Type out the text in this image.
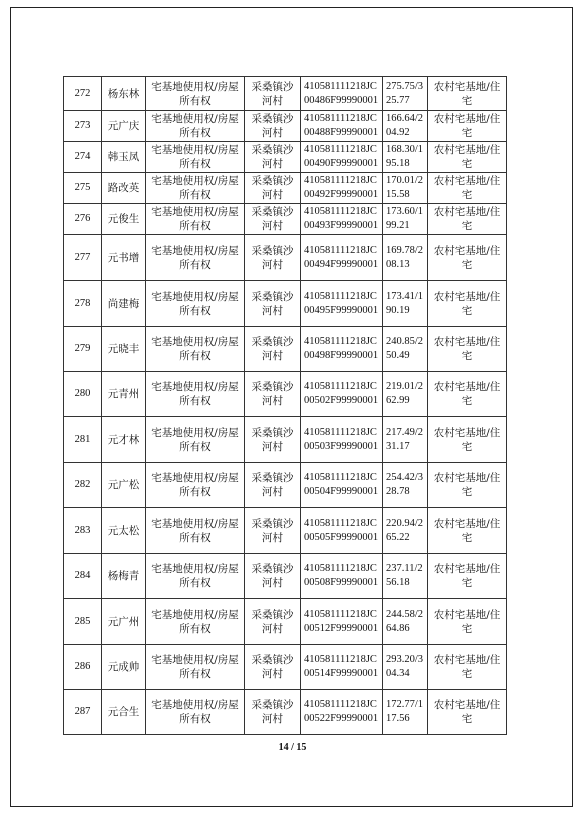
272	杨东林	宅基地使用权/房屋所有权	采桑镇沙河村	410581111218JC00486F99990001	275.75/325.77	农村宅基地/住宅
273	元广庆	宅基地使用权/房屋所有权	采桑镇沙河村	410581111218JC00488F99990001	166.64/204.92	农村宅基地/住宅
274	韩玉凤	宅基地使用权/房屋所有权	采桑镇沙河村	410581111218JC00490F99990001	168.30/195.18	农村宅基地/住宅
275	路改英	宅基地使用权/房屋所有权	采桑镇沙河村	410581111218JC00492F99990001	170.01/215.58	农村宅基地/住宅
276	元俊生	宅基地使用权/房屋所有权	采桑镇沙河村	410581111218JC00493F99990001	173.60/199.21	农村宅基地/住宅
277	元书增	宅基地使用权/房屋所有权	采桑镇沙河村	410581111218JC00494F99990001	169.78/208.13	农村宅基地/住宅
278	尚建梅	宅基地使用权/房屋所有权	采桑镇沙河村	410581111218JC00495F99990001	173.41/190.19	农村宅基地/住宅
279	元晓丰	宅基地使用权/房屋所有权	采桑镇沙河村	410581111218JC00498F99990001	240.85/250.49	农村宅基地/住宅
280	元青州	宅基地使用权/房屋所有权	采桑镇沙河村	410581111218JC00502F99990001	219.01/262.99	农村宅基地/住宅
281	元才林	宅基地使用权/房屋所有权	采桑镇沙河村	410581111218JC00503F99990001	217.49/231.17	农村宅基地/住宅
282	元广松	宅基地使用权/房屋所有权	采桑镇沙河村	410581111218JC00504F99990001	254.42/328.78	农村宅基地/住宅
283	元太松	宅基地使用权/房屋所有权	采桑镇沙河村	410581111218JC00505F99990001	220.94/265.22	农村宅基地/住宅
284	杨梅青	宅基地使用权/房屋所有权	采桑镇沙河村	410581111218JC00508F99990001	237.11/256.18	农村宅基地/住宅
285	元广州	宅基地使用权/房屋所有权	采桑镇沙河村	410581111218JC00512F99990001	244.58/264.86	农村宅基地/住宅
286	元成帅	宅基地使用权/房屋所有权	采桑镇沙河村	410581111218JC00514F99990001	293.20/304.34	农村宅基地/住宅
287	元合生	宅基地使用权/房屋所有权	采桑镇沙河村	410581111218JC00522F99990001	172.77/117.56	农村宅基地/住宅
14 / 15
